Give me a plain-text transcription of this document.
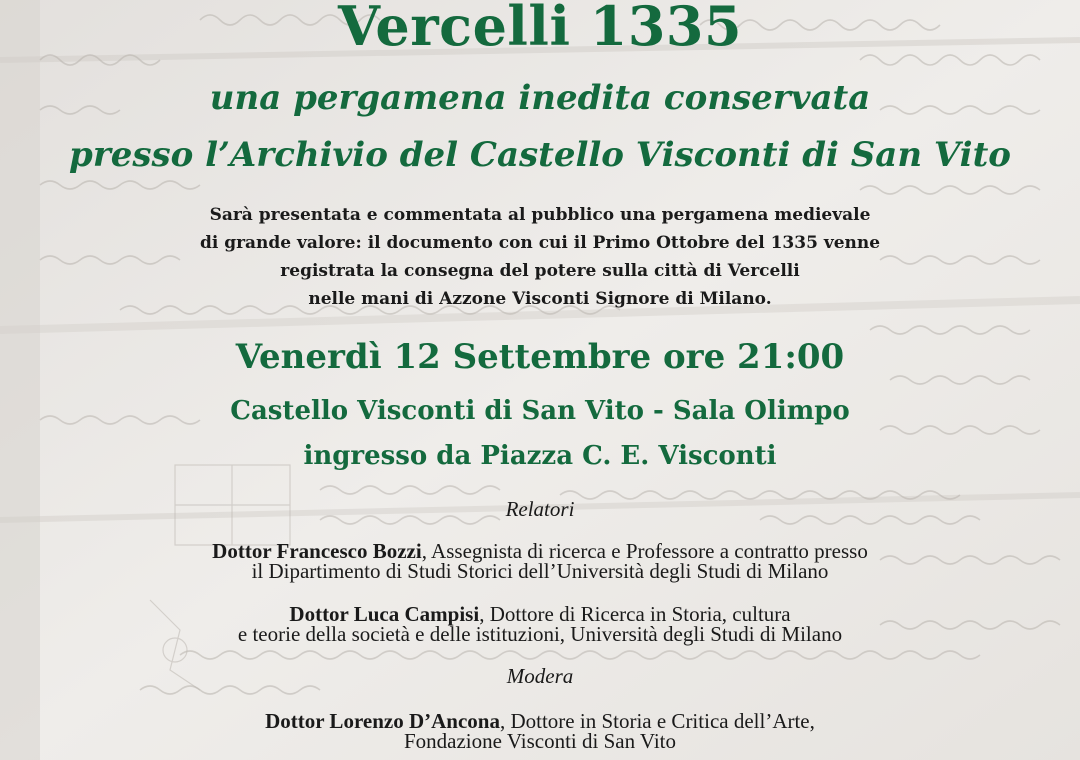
Vercelli 1335
una pergamena inedita conservata
presso l’Archivio del Castello Visconti di San Vito
Sarà presentata e commentata al pubblico una pergamena medievale
di grande valore: il documento con cui il Primo Ottobre del 1335 venne
registrata la consegna del potere sulla città di Vercelli
nelle mani di Azzone Visconti Signore di Milano.
Venerdì 12 Settembre ore 21:00
Castello Visconti di San Vito - Sala Olimpo
ingresso da Piazza C. E. Visconti
Relatori
Dottor Francesco Bozzi, Assegnista di ricerca e Professore a contratto presso
il Dipartimento di Studi Storici dell’Università degli Studi di Milano
Dottor Luca Campisi, Dottore di Ricerca in Storia, cultura
e teorie della società e delle istituzioni, Università degli Studi di Milano
Modera
Dottor Lorenzo D’Ancona, Dottore in Storia e Critica dell’Arte,
Fondazione Visconti di San Vito
